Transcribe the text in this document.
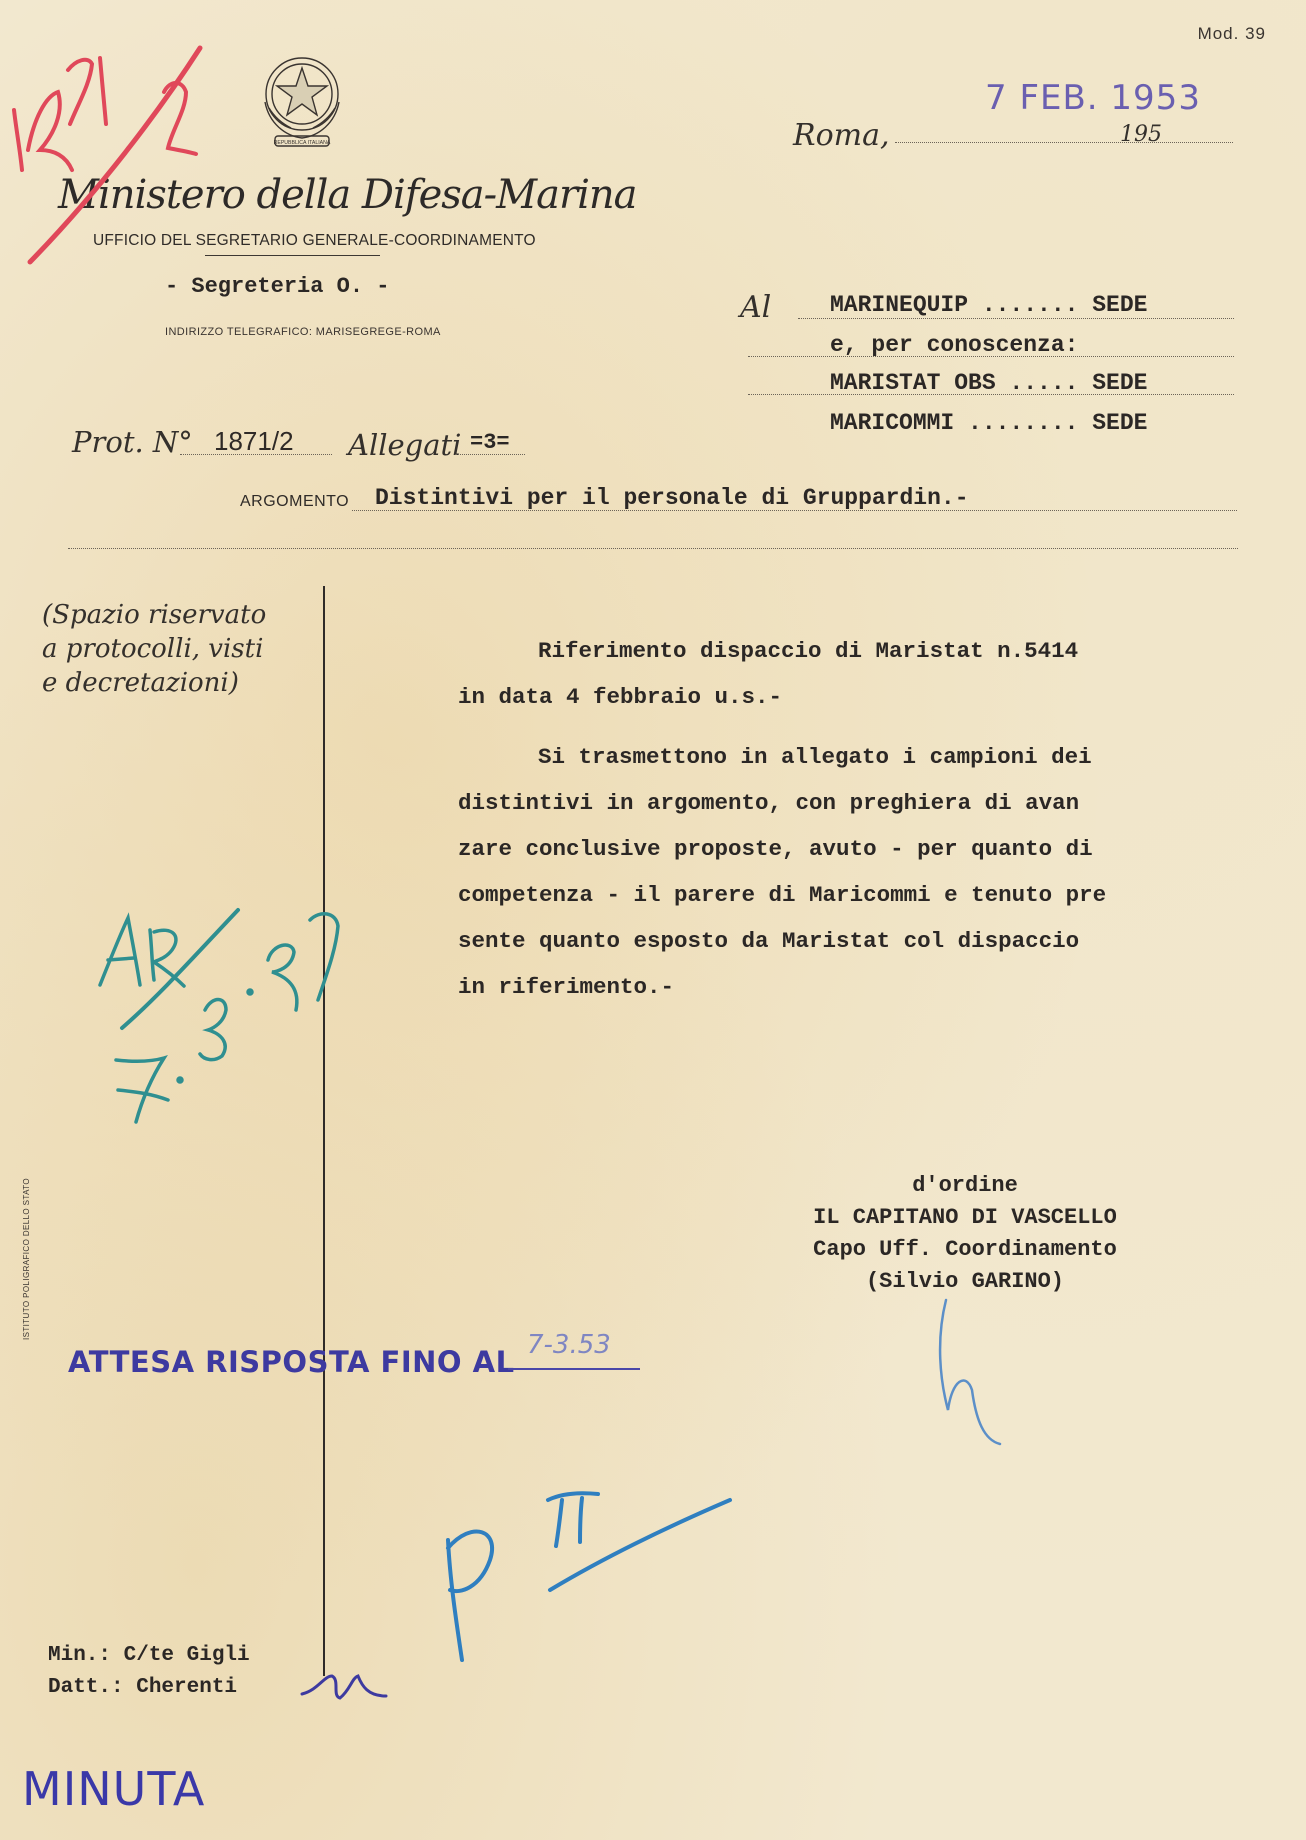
Mod. 39
7 FEB. 1953
Roma,	195
REPUBBLICA ITALIANA
Ministero della Difesa-Marina
UFFICIO DEL SEGRETARIO GENERALE-COORDINAMENTO
- Segreteria O. -
INDIRIZZO TELEGRAFICO: MARISEGREGE-ROMA
Al	MARINEQUIP ....... SEDE
e, per conoscenza:
MARISTAT OBS ..... SEDE
MARICOMMI ........ SEDE
Prot. N° 1871/2 Allegati =3=
ARGOMENTO Distintivi per il personale di Gruppardin.-
(Spazio riservato
a protocolli, visti
e decretazioni)

Riferimento dispaccio di Maristat n.5414

in data 4 febbraio u.s.-

Si trasmettono in allegato i campioni dei

distintivi in argomento, con preghiera di avan

zare conclusive proposte, avuto - per quanto di

competenza - il parere di Maricommi e tenuto pre

sente quanto esposto da Maristat col dispaccio

in riferimento.-

d'ordine
IL CAPITANO DI VASCELLO
Capo Uff. Coordinamento
(Silvio GARINO)
ISTITUTO POLIGRAFICO DELLO STATO
ATTESA RISPOSTA FINO AL 7-3.53
Min.: C/te Gigli
Datt.: Cherenti
MINUTA
